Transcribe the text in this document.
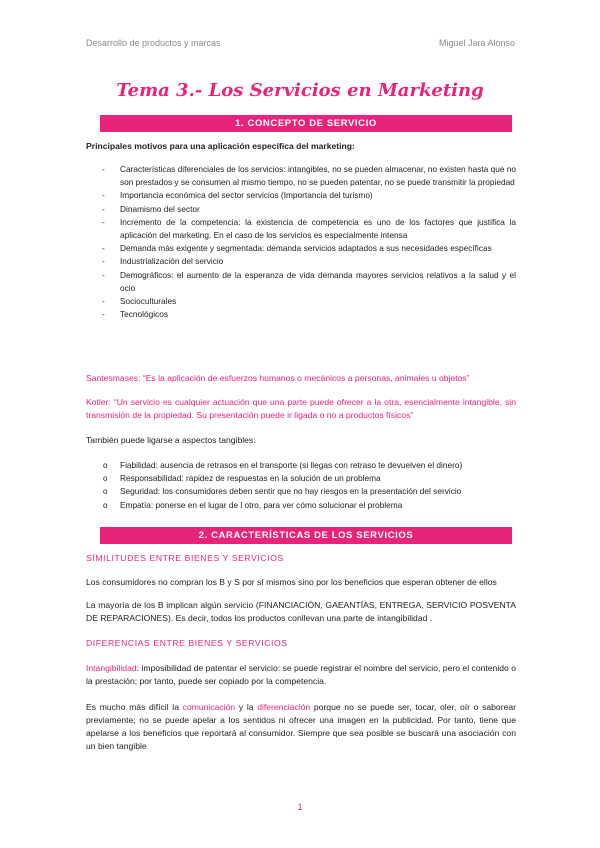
Desarrollo de productos y marcas	Miguel Jara Alonso
Tema 3.- Los Servicios en Marketing
1. CONCEPTO DE SERVICIO
Principales motivos para una aplicación específica del marketing:
- Características diferenciales de los servicios: intangibles, no se pueden almacenar, no existen hasta que no son prestados y se consumen al mismo tiempo, no se pueden patentar, no se puede transmitir la propiedad
- Importancia económica del sector servicios (Importancia del turismo)
- Dinamismo del sector
- Incremento de la competencia: la existencia de competencia es uno de los factores que justifica la aplicación del marketing. En el caso de los servicios es especialmente intensa
- Demanda más exigente y segmentada: demanda servicios adaptados a sus necesidades específicas
- Industrialización del servicio
- Demográficos: el aumento de la esperanza de vida demanda mayores servicios relativos a la salud y el ocio
- Socioculturales
- Tecnológicos
Santesmases: “Es la aplicación de esfuerzos humanos o mecánicos a personas, animales u objetos”
Kotler: “Un servicio es cualquier actuación que una parte puede ofrecer a la otra, esencialmente intangible, sin transmisión de la propiedad. Su presentación puede ir ligada o no a productos físicos”
También puede ligarse a aspectos tangibles:
o Fiabilidad: ausencia de retrasos en el transporte (si llegas con retraso te devuelven el dinero)
o Responsabilidad: rapidez de respuestas en la solución de un problema
o Seguridad: los consumidores deben sentir que no hay riesgos en la presentación del servicio
o Empatía: ponerse en el lugar de l otro, para ver cómo solucionar el problema
2. CARACTERÍSTICAS DE LOS SERVICIOS
SÍMILITUDES ENTRE BIENES Y SERVICIOS
Los consumidores no compran los B y S por sí mismos sino por los beneficios que esperan obtener de ellos
La mayoría de los B implican algún servicio (FINANCIACIÓN, GAEANTÍAS, ENTREGA, SERVICIO POSVENTA DE REPARACIONES). Es decir, todos los productos conllevan una parte de intangibilidad .
DIFERENCIAS ENTRE BIENES Y SERVICIOS
Intangibilidad: imposibilidad de patentar el servicio: se puede registrar el nombre del servicio, pero el contenido o la prestación; por tanto, puede ser copiado por la competencia.
Es mucho más difícil la comunicación y la diferenciación porque no se puede ser, tocar, oler, oír o saborear previamente; no se puede apelar a los sentidos ni ofrecer una imagen en la publicidad. Por tanto, tiene que apelarse a los beneficios que reportará al consumidor. Siempre que sea posible se buscará una asociación con un bien tangible
1
